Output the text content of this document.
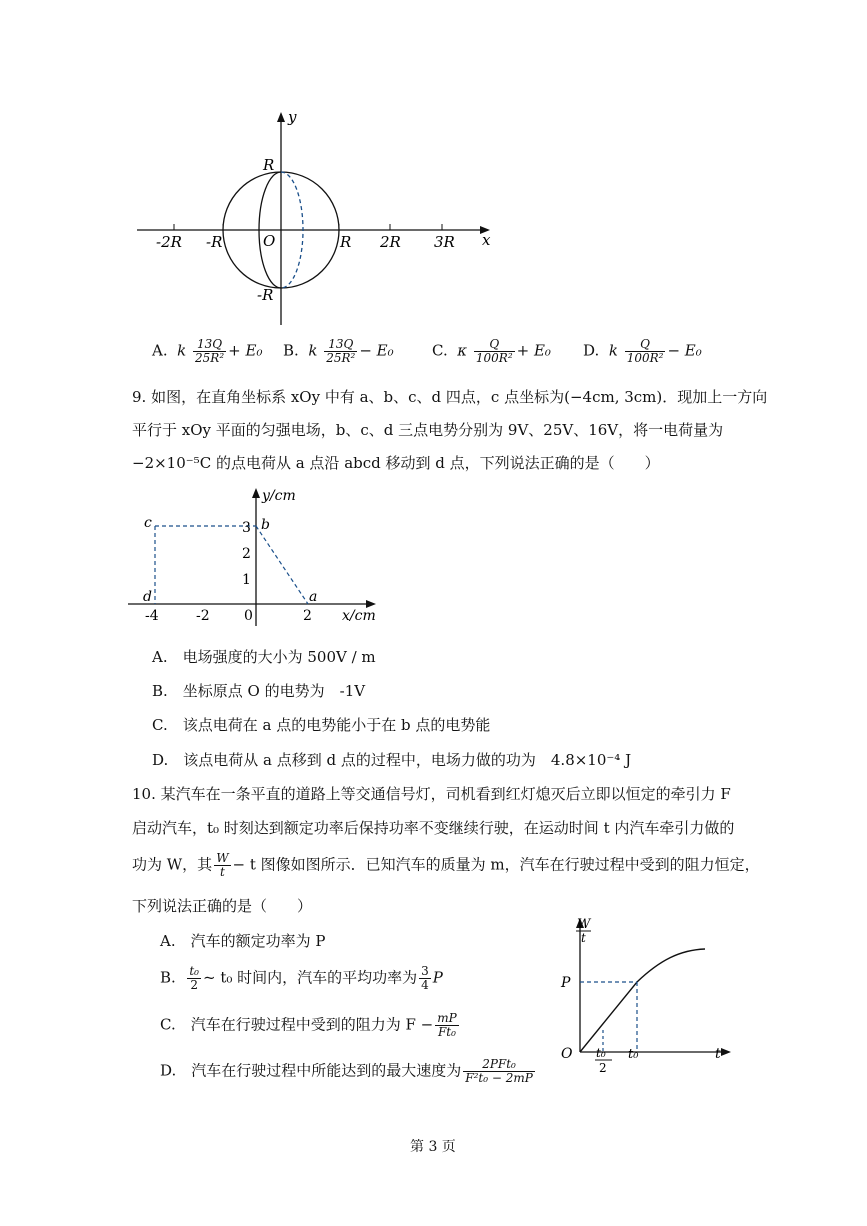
y
x
R
-R
O
-2R -R	R 2R 3R
A. k $\frac{13Q}{\text{25R²}} + E_0$ B. k $\frac{13Q}{\text{25R²}} - E_0$	C. κ $\frac{Q}{\text{100R²}} + E_0$ D. k $\frac{Q}{\text{100R²}} - E_0$
9. 如图，在直角坐标系 xOy 中有 a、b、c、d 四点，c 点坐标为(−4cm, 3cm)．现加上一方向
平行于 xOy 平面的匀强电场，b、c、d 三点电势分别为 9V、25V、16V，将一电荷量为
−2×10⁻⁵C 的点电荷从 a 点沿 abcd 移动到 d 点，下列说法正确的是（　　）
y/cm
x/cm
3
2
1
-4	-2 0	2
a
b
c
d
A.　电场强度的大小为 500V / m
B.　坐标原点 O 的电势为　-1V
C.　该点电荷在 a 点的电势能小于在 b 点的电势能
D.　该点电荷从 a 点移到 d 点的过程中，电场力做的功为　4.8×10⁻⁴ J
10. 某汽车在一条平直的道路上等交通信号灯，司机看到红灯熄灭后立即以恒定的牵引力 F
启动汽车，t₀ 时刻达到额定功率后保持功率不变继续行驶，在运动时间 t 内汽车牵引力做的
功为 W，其 $\frac{W}{t} - t$ 图像如图所示．已知汽车的质量为 m，汽车在行驶过程中受到的阻力恒定，
下列说法正确的是（　　）
A.　汽车的额定功率为 P
B. $\frac{\text{t₀}}{2}$ ~ t₀ 时间内，汽车的平均功率为 $\frac{3}{4}$ P
C.　汽车在行驶过程中受到的阻力为 $F - \frac{mP}{\text{Ft₀}}$
D.　汽车在行驶过程中所能达到的最大速度为 $\frac{\text{2PFt₀}}{\text{F²t₀ − 2mP}}$
W
t
P
O	t
t₀
t₀
2
第 3 页
